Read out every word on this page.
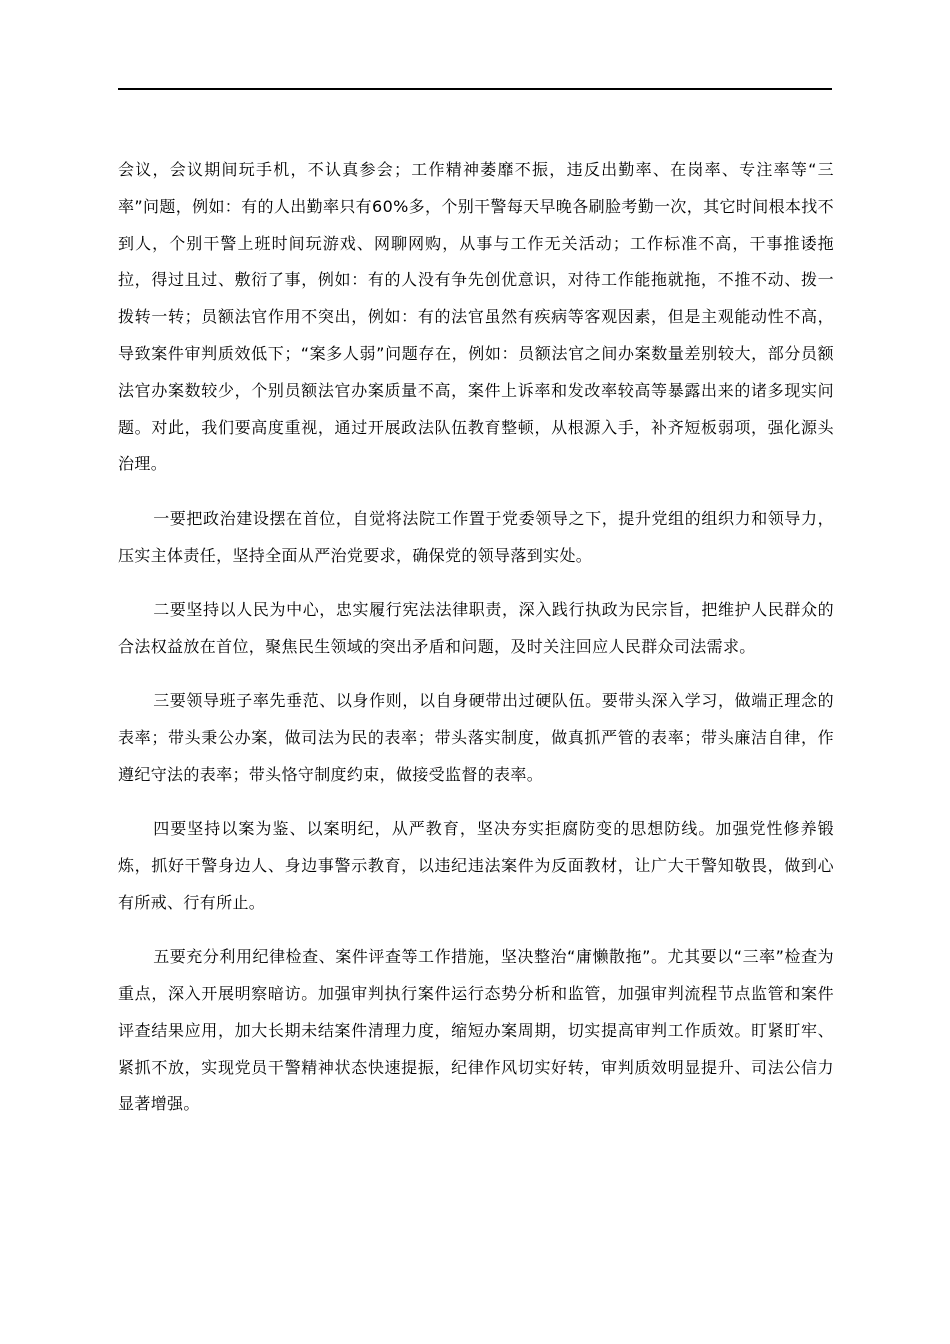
会议，会议期间玩手机，不认真参会；工作精神萎靡不振，违反出勤率、在岗率、专注率等“三率”问题，例如：有的人出勤率只有60%多，个别干警每天早晚各刷脸考勤一次，其它时间根本找不到人，个别干警上班时间玩游戏、网聊网购，从事与工作无关活动；工作标准不高，干事推诿拖拉，得过且过、敷衍了事，例如：有的人没有争先创优意识，对待工作能拖就拖，不推不动、拨一拨转一转；员额法官作用不突出，例如：有的法官虽然有疾病等客观因素，但是主观能动性不高，导致案件审判质效低下；“案多人弱”问题存在，例如：员额法官之间办案数量差别较大，部分员额法官办案数较少，个别员额法官办案质量不高，案件上诉率和发改率较高等暴露出来的诸多现实问题。对此，我们要高度重视，通过开展政法队伍教育整顿，从根源入手，补齐短板弱项，强化源头治理。

一要把政治建设摆在首位，自觉将法院工作置于党委领导之下，提升党组的组织力和领导力，压实主体责任，坚持全面从严治党要求，确保党的领导落到实处。

二要坚持以人民为中心，忠实履行宪法法律职责，深入践行执政为民宗旨，把维护人民群众的合法权益放在首位，聚焦民生领域的突出矛盾和问题，及时关注回应人民群众司法需求。

三要领导班子率先垂范、以身作则，以自身硬带出过硬队伍。要带头深入学习，做端正理念的表率；带头秉公办案，做司法为民的表率；带头落实制度，做真抓严管的表率；带头廉洁自律，作遵纪守法的表率；带头恪守制度约束，做接受监督的表率。

四要坚持以案为鉴、以案明纪，从严教育，坚决夯实拒腐防变的思想防线。加强党性修养锻炼，抓好干警身边人、身边事警示教育，以违纪违法案件为反面教材，让广大干警知敬畏，做到心有所戒、行有所止。

五要充分利用纪律检查、案件评查等工作措施，坚决整治“庸懒散拖”。尤其要以“三率”检查为重点，深入开展明察暗访。加强审判执行案件运行态势分析和监管，加强审判流程节点监管和案件评查结果应用，加大长期未结案件清理力度，缩短办案周期，切实提高审判工作质效。盯紧盯牢、紧抓不放，实现党员干警精神状态快速提振，纪律作风切实好转，审判质效明显提升、司法公信力显著增强。
